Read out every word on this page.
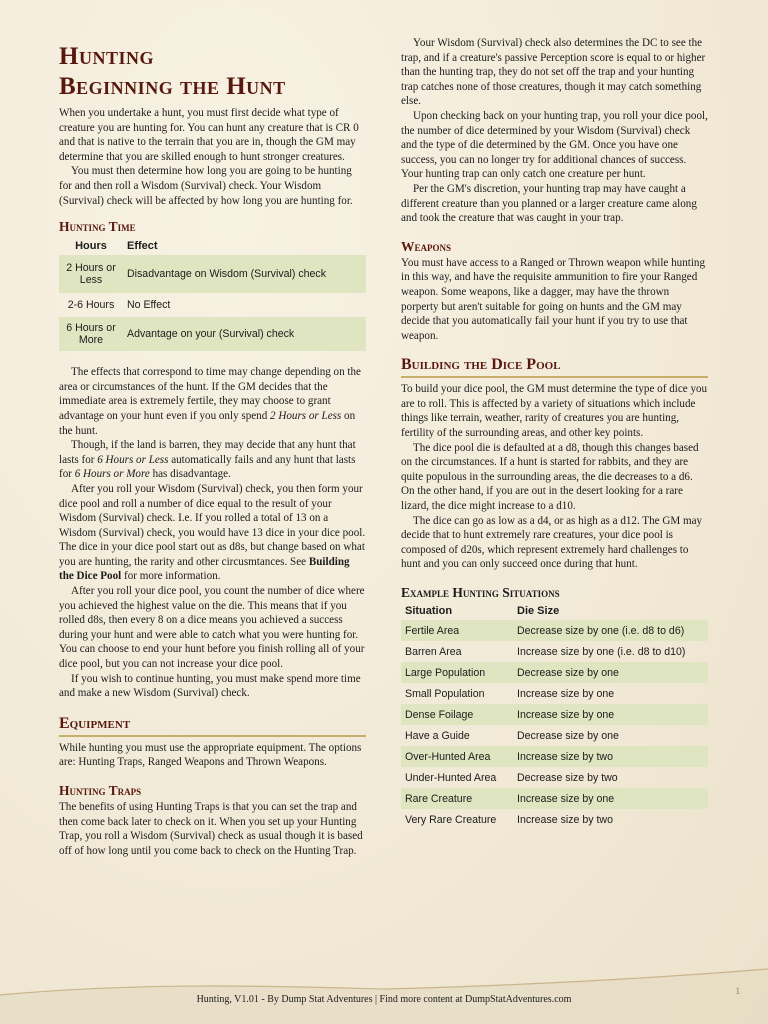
Hunting
Beginning the Hunt

When you undertake a hunt, you must first decide what type of creature you are hunting for. You can hunt any creature that is CR 0 and that is native to the terrain that you are in, though the GM may determine that you are skilled enough to hunt stronger creatures.

You must then determine how long you are going to be hunting for and then roll a Wisdom (Survival) check. Your Wisdom (Survival) check will be affected by how long you are hunting for.

Hunting Time
Hours	Effect
2 Hours or Less	Disadvantage on Wisdom (Survival) check
2-6 Hours	No Effect
6 Hours or More	Advantage on your (Survival) check

The effects that correspond to time may change depending on the area or circumstances of the hunt. If the GM decides that the immediate area is extremely fertile, they may choose to grant advantage on your hunt even if you only spend 2 Hours or Less on the hunt.

Though, if the land is barren, they may decide that any hunt that lasts for 6 Hours or Less automatically fails and any hunt that lasts for 6 Hours or More has disadvantage.

After you roll your Wisdom (Survival) check, you then form your dice pool and roll a number of dice equal to the result of your Wisdom (Survival) check. I.e. If you rolled a total of 13 on a Wisdom (Survival) check, you would have 13 dice in your dice pool. The dice in your dice pool start out as d8s, but change based on what you are hunting, the rarity and other circusmtances. See Building the Dice Pool for more information.

After you roll your dice pool, you count the number of dice where you achieved the highest value on the die. This means that if you rolled d8s, then every 8 on a dice means you achieved a success during your hunt and were able to catch what you were hunting for. You can choose to end your hunt before you finish rolling all of your dice pool, but you can not increase your dice pool.

If you wish to continue hunting, you must make spend more time and make a new Wisdom (Survival) check.

Equipment

While hunting you must use the appropriate equipment. The options are: Hunting Traps, Ranged Weapons and Thrown Weapons.

Hunting Traps

The benefits of using Hunting Traps is that you can set the trap and then come back later to check on it. When you set up your Hunting Trap, you roll a Wisdom (Survival) check as usual though it is based off of how long until you come back to check on the Hunting Trap.

Your Wisdom (Survival) check also determines the DC to see the trap, and if a creature's passive Perception score is equal to or higher than the hunting trap, they do not set off the trap and your hunting trap catches none of those creatures, though it may catch something else.

Upon checking back on your hunting trap, you roll your dice pool, the number of dice determined by your Wisdom (Survival) check and the type of die determined by the GM. Once you have one success, you can no longer try for additional chances of success. Your hunting trap can only catch one creature per hunt.

Per the GM's discretion, your hunting trap may have caught a different creature than you planned or a larger creature came along and took the creature that was caught in your trap.

Weapons

You must have access to a Ranged or Thrown weapon while hunting in this way, and have the requisite ammunition to fire your Ranged weapon. Some weapons, like a dagger, may have the thrown porperty but aren't suitable for going on hunts and the GM may decide that you automatically fail your hunt if you try to use that weapon.

Building the Dice Pool

To build your dice pool, the GM must determine the type of dice you are to roll. This is affected by a variety of situations which include things like terrain, weather, rarity of creatures you are hunting, fertility of the surrounding areas, and other key points.

The dice pool die is defaulted at a d8, though this changes based on the circumstances. If a hunt is started for rabbits, and they are quite populous in the surrounding areas, the die decreases to a d6. On the other hand, if you are out in the desert looking for a rare lizard, the dice might increase to a d10.

The dice can go as low as a d4, or as high as a d12. The GM may decide that to hunt extremely rare creatures, your dice pool is composed of d20s, which represent extremely hard challenges to hunt and you can only succeed once during that hunt.

Example Hunting Situations
Situation	Die Size
Fertile Area	Decrease size by one (i.e. d8 to d6)
Barren Area	Increase size by one (i.e. d8 to d10)
Large Population	Decrease size by one
Small Population	Increase size by one
Dense Foilage	Increase size by one
Have a Guide	Decrease size by one
Over-Hunted Area	Increase size by two
Under-Hunted Area	Decrease size by two
Rare Creature	Increase size by one
Very Rare Creature	Increase size by two
Hunting, V1.01 - By Dump Stat Adventures | Find more content at DumpStatAdventures.com
1
